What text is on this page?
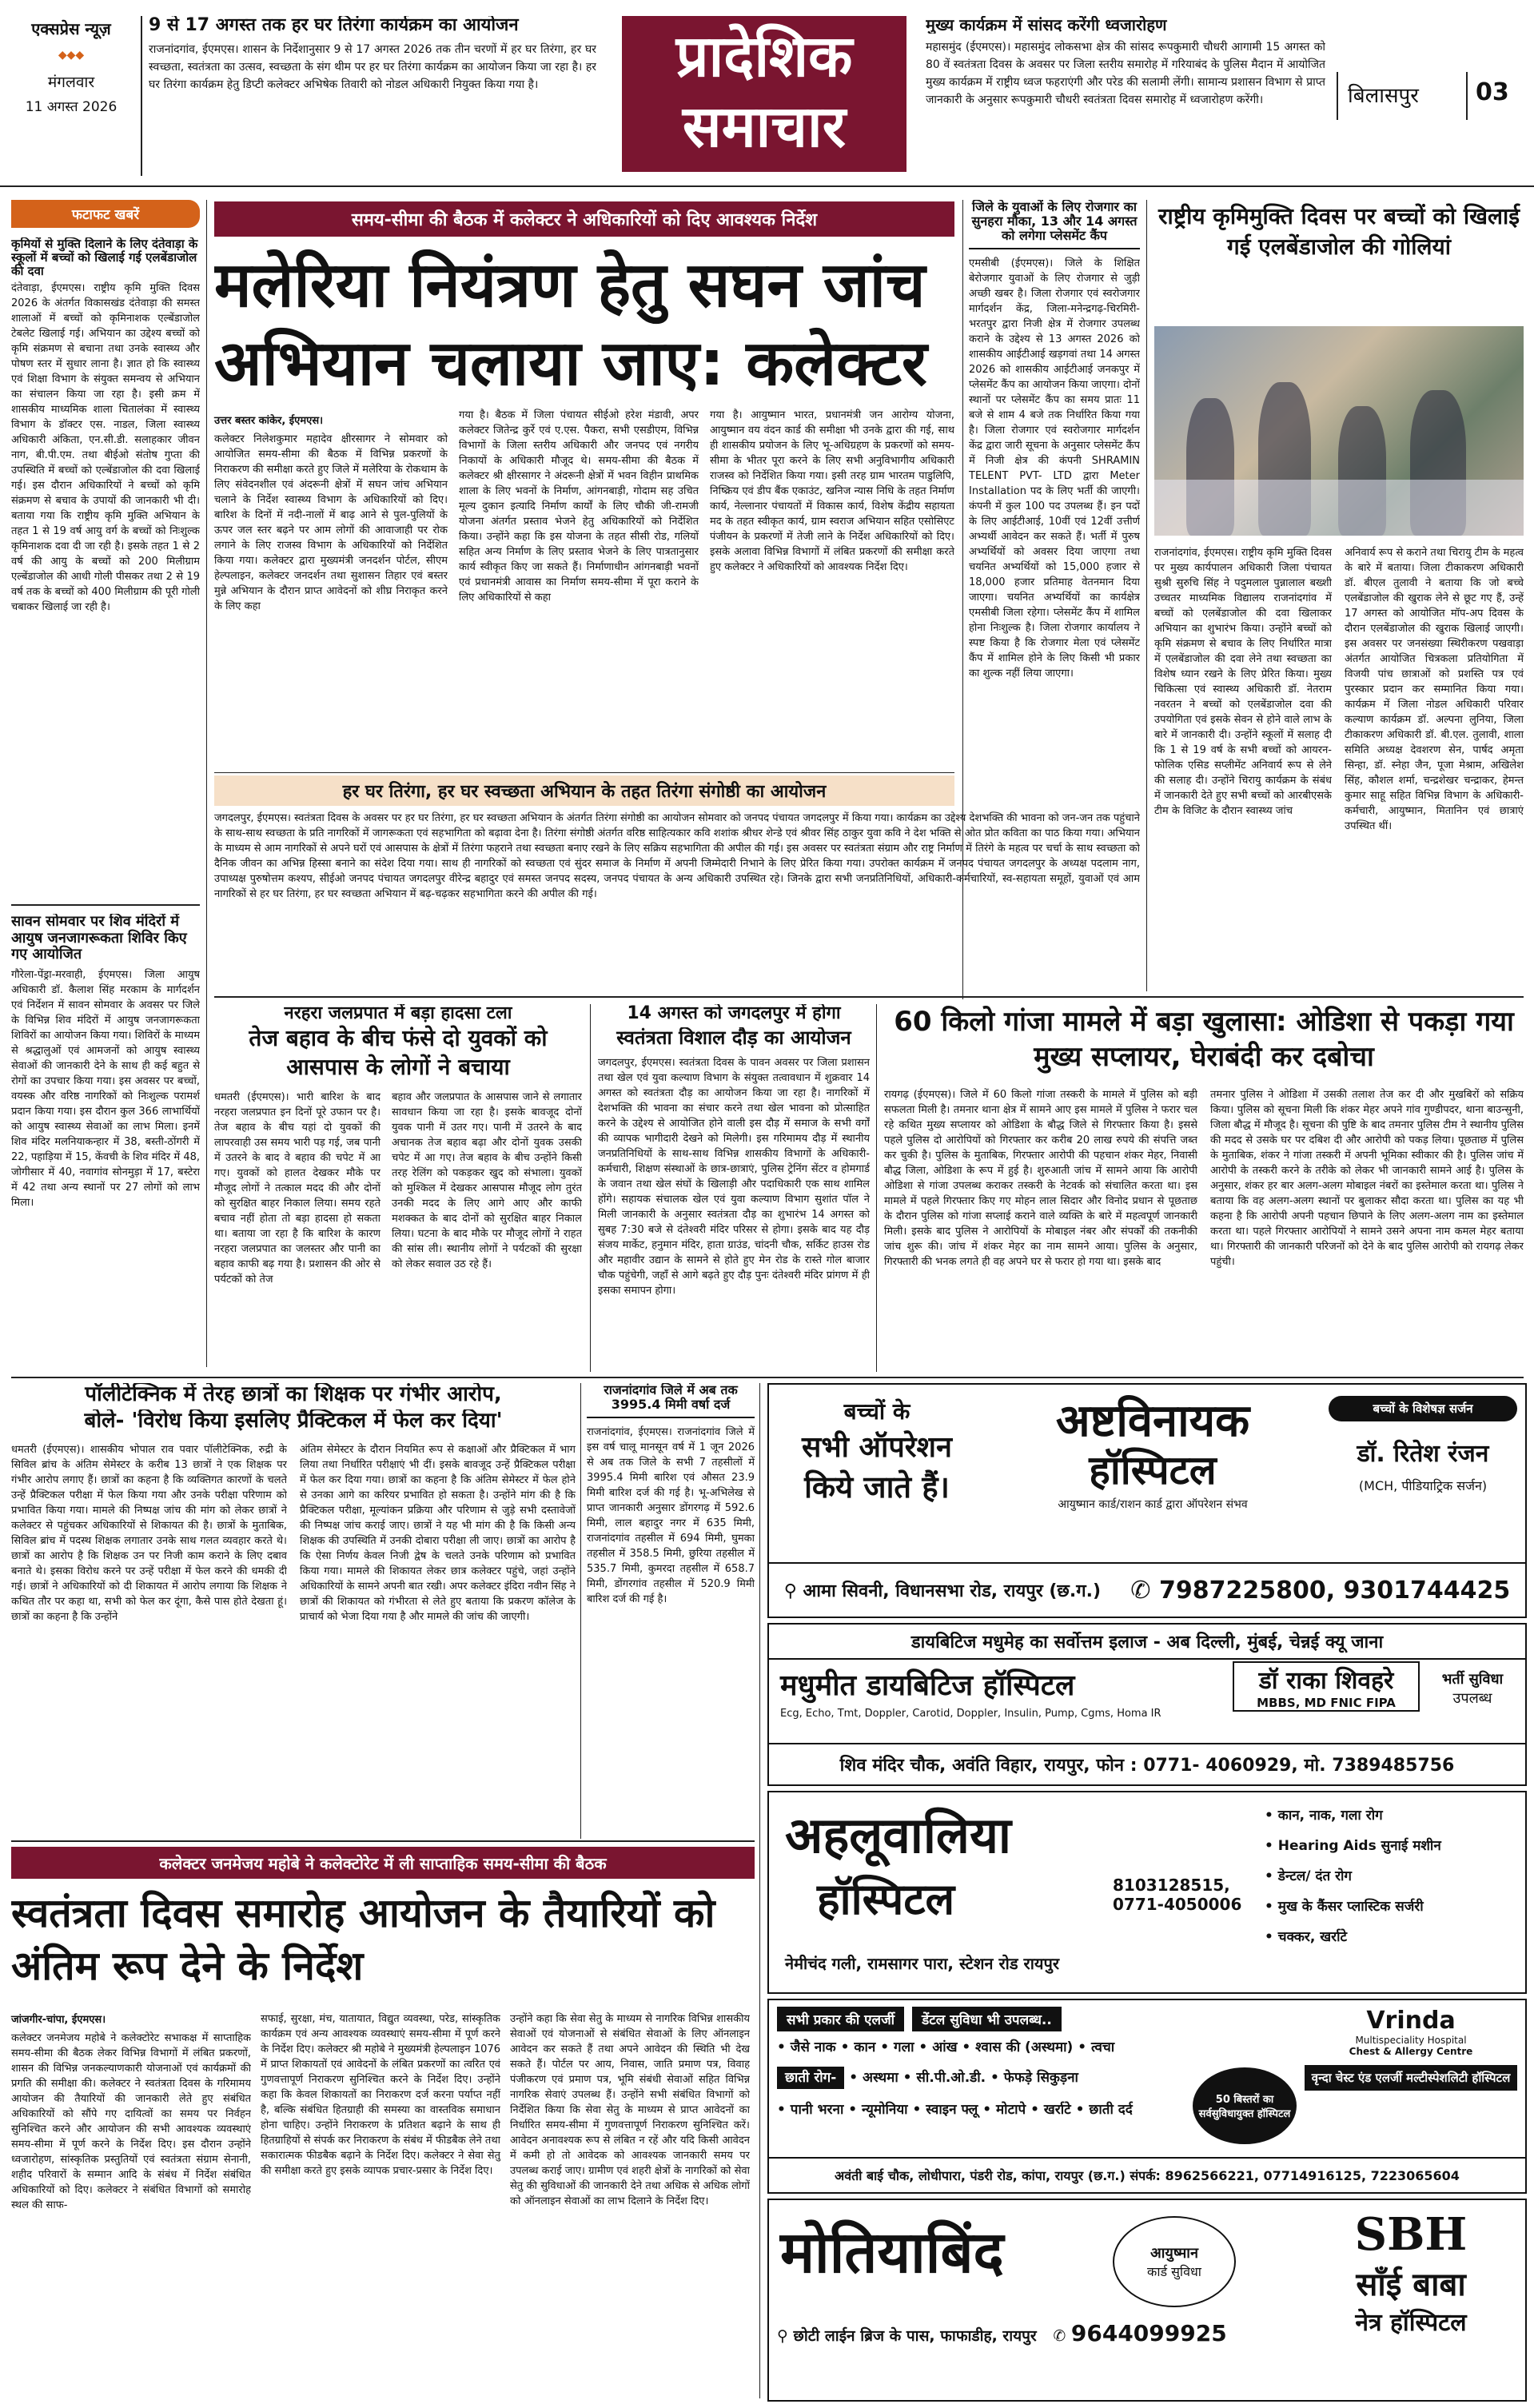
एक्सप्रेस न्यूज़
◆◆◆
मंगलवार
11 अगस्त 2026
9 से 17 अगस्त तक हर घर तिरंगा कार्यक्रम का आयोजन
राजनांदगांव, ईएमएस। शासन के निर्देशानुसार 9 से 17 अगस्त 2026 तक तीन चरणों में हर घर तिरंगा, हर घर स्वच्छता, स्वतंत्रता का उत्सव, स्वच्छता के संग थीम पर हर घर तिरंगा कार्यक्रम का आयोजन किया जा रहा है। हर घर तिरंगा कार्यक्रम हेतु डिप्टी कलेक्टर अभिषेक तिवारी को नोडल अधिकारी नियुक्त किया गया है।	प्रादेशिक
समाचार
मुख्य कार्यक्रम में सांसद करेंगी ध्वजारोहण
महासमुंद (ईएमएस)। महासमुंद लोकसभा क्षेत्र की सांसद रूपकुमारी चौधरी आगामी 15 अगस्त को 80 वें स्वतंत्रता दिवस के अवसर पर जिला स्तरीय समारोह में गरियाबंद के पुलिस मैदान में आयोजित मुख्य कार्यक्रम में राष्ट्रीय ध्वज फहराएंगी और परेड की सलामी लेंगी। सामान्य प्रशासन विभाग से प्राप्त जानकारी के अनुसार रूपकुमारी चौधरी स्वतंत्रता दिवस समारोह में ध्वजारोहण करेंगी।	बिलासपुर 03
फटाफट खबरें
कृमियों से मुक्ति दिलाने के लिए दंतेवाड़ा के स्कूलों में बच्चों को खिलाई गई एलबेंडाजोल की दवा
दंतेवाड़ा, ईएमएस। राष्ट्रीय कृमि मुक्ति दिवस 2026 के अंतर्गत विकासखंड दंतेवाड़ा की समस्त शालाओं में बच्चों को कृमिनाशक एल्बेंडाजोल टेबलेट खिलाई गई। अभियान का उद्देश्य बच्चों को कृमि संक्रमण से बचाना तथा उनके स्वास्थ्य और पोषण स्तर में सुधार लाना है। ज्ञात हो कि स्वास्थ्य एवं शिक्षा विभाग के संयुक्त समन्वय से अभियान का संचालन किया जा रहा है। इसी क्रम में शासकीय माध्यमिक शाला चितालंका में स्वास्थ्य विभाग के डॉक्टर एस. नाडल, जिला स्वास्थ्य अधिकारी अंकिता, एन.सी.डी. सलाहकार जीवन नाग, बी.पी.एम. तथा बीईओ संतोष गुप्ता की उपस्थिति में बच्चों को एल्बेंडाजोल की दवा खिलाई गई। इस दौरान अधिकारियों ने बच्चों को कृमि संक्रमण से बचाव के उपायों की जानकारी भी दी। बताया गया कि राष्ट्रीय कृमि मुक्ति अभियान के तहत 1 से 19 वर्ष आयु वर्ग के बच्चों को निःशुल्क कृमिनाशक दवा दी जा रही है। इसके तहत 1 से 2 वर्ष की आयु के बच्चों को 200 मिलीग्राम एल्बेंडाजोल की आधी गोली पीसकर तथा 2 से 19 वर्ष तक के बच्चों को 400 मिलीग्राम की पूरी गोली चबाकर खिलाई जा रही है।
सावन सोमवार पर शिव मंदिरों में आयुष जनजागरूकता शिविर किए गए आयोजित
गौरेला-पेंड्रा-मरवाही, ईएमएस। जिला आयुष अधिकारी डॉ. कैलाश सिंह मरकाम के मार्गदर्शन एवं निर्देशन में सावन सोमवार के अवसर पर जिले के विभिन्न शिव मंदिरों में आयुष जनजागरूकता शिविरों का आयोजन किया गया। शिविरों के माध्यम से श्रद्धालुओं एवं आमजनों को आयुष स्वास्थ्य सेवाओं की जानकारी देने के साथ ही कई बहुत से रोगों का उपचार किया गया। इस अवसर पर बच्चों, वयस्क और वरिष्ठ नागरिकों को निःशुल्क परामर्श प्रदान किया गया। इस दौरान कुल 366 लाभार्थियों को आयुष स्वास्थ्य सेवाओं का लाभ मिला। इनमें शिव मंदिर मलनियाकन्हार में 38, बस्ती-ठोंगरी में 22, पहाड़िया में 15, केंवची के शिव मंदिर में 48, जोगीसार में 40, नवागांव सोनमुड़ा में 17, बस्टेरा में 42 तथा अन्य स्थानों पर 27 लोगों को लाभ मिला।
समय-सीमा की बैठक में कलेक्टर ने अधिकारियों को दिए आवश्यक निर्देश
मलेरिया नियंत्रण हेतु सघन जांच अभियान चलाया जाए: कलेक्टर
उत्तर बस्तर कांकेर, ईएमएस।
कलेक्टर निलेशकुमार महादेव क्षीरसागर ने सोमवार को आयोजित समय-सीमा की बैठक में विभिन्न प्रकरणों के निराकरण की समीक्षा करते हुए जिले में मलेरिया के रोकथाम के लिए संवेदनशील एवं अंदरूनी क्षेत्रों में सघन जांच अभियान चलाने के निर्देश स्वास्थ्य विभाग के अधिकारियों को दिए। बारिश के दिनों में नदी-नालों में बाढ़ आने से पुल-पुलियों के ऊपर जल स्तर बढ़ने पर आम लोगों की आवाजाही पर रोक लगाने के लिए राजस्व विभाग के अधिकारियों को निर्देशित किया गया। कलेक्टर द्वारा मुख्यमंत्री जनदर्शन पोर्टल, सीएम हेल्पलाइन, कलेक्टर जनदर्शन तथा सुशासन तिहार एवं बस्तर मुन्ने अभियान के दौरान प्राप्त आवेदनों को शीघ्र निराकृत करने के लिए कहा
गया है। बैठक में जिला पंचायत सीईओ हरेश मंडावी, अपर कलेक्टर जितेन्द्र कुर्रे एवं ए.एस. पैकरा, सभी एसडीएम, विभिन्न विभागों के जिला स्तरीय अधिकारी और जनपद एवं नगरीय निकायों के अधिकारी मौजूद थे। समय-सीमा की बैठक में कलेक्टर श्री क्षीरसागर ने अंदरूनी क्षेत्रों में भवन विहीन प्राथमिक शाला के लिए भवनों के निर्माण, आंगनबाड़ी, गोदाम सह उचित मूल्य दुकान इत्यादि निर्माण कार्यों के लिए चौकी जी-रामजी योजना अंतर्गत प्रस्ताव भेजने हेतु अधिकारियों को निर्देशित किया। उन्होंने कहा कि इस योजना के तहत सीसी रोड, गलियों सहित अन्य निर्माण के लिए प्रस्ताव भेजने के लिए पात्रतानुसार कार्य स्वीकृत किए जा सकते हैं। निर्माणाधीन आंगनबाड़ी भवनों एवं प्रधानमंत्री आवास का निर्माण समय-सीमा में पूरा कराने के लिए अधिकारियों से कहा
गया है। आयुष्मान भारत, प्रधानमंत्री जन आरोग्य योजना, आयुष्मान वय वंदन कार्ड की समीक्षा भी उनके द्वारा की गई, साथ ही शासकीय प्रयोजन के लिए भू-अधिग्रहण के प्रकरणों को समय-सीमा के भीतर पूरा करने के लिए सभी अनुविभागीय अधिकारी राजस्व को निर्देशित किया गया। इसी तरह ग्राम भारतम पाडुलिपि, निष्क्रिय एवं डीप बैंक एकाउंट, खनिज न्यास निधि के तहत निर्माण कार्य, नेल्लानार पंचायतों में विकास कार्य, विशेष केंद्रीय सहायता मद के तहत स्वीकृत कार्य, ग्राम स्वराज अभियान सहित एसोसिएट पंजीयन के प्रकरणों में तेजी लाने के निर्देश अधिकारियों को दिए। इसके अलावा विभिन्न विभागों में लंबित प्रकरणों की समीक्षा करते हुए कलेक्टर ने अधिकारियों को आवश्यक निर्देश दिए।
जिले के युवाओं के लिए रोजगार का सुनहरा मौका, 13 और 14 अगस्त को लगेगा प्लेसमेंट कैंप
एमसीबी (ईएमएस)। जिले के शिक्षित बेरोजगार युवाओं के लिए रोजगार से जुड़ी अच्छी खबर है। जिला रोजगार एवं स्वरोजगार मार्गदर्शन केंद्र, जिला-मनेन्द्रगढ़-चिरमिरी-भरतपुर द्वारा निजी क्षेत्र में रोजगार उपलब्ध कराने के उद्देश्य से 13 अगस्त 2026 को शासकीय आईटीआई खड़गवां तथा 14 अगस्त 2026 को शासकीय आईटीआई जनकपुर में प्लेसमेंट कैंप का आयोजन किया जाएगा। दोनों स्थानों पर प्लेसमेंट कैंप का समय प्रातः 11 बजे से शाम 4 बजे तक निर्धारित किया गया है। जिला रोजगार एवं स्वरोजगार मार्गदर्शन केंद्र द्वारा जारी सूचना के अनुसार प्लेसमेंट कैंप में निजी क्षेत्र की कंपनी SHRAMIN TELENT PVT- LTD द्वारा Meter Installation पद के लिए भर्ती की जाएगी। कंपनी में कुल 100 पद उपलब्ध हैं। इन पदों के लिए आईटीआई, 10वीं एवं 12वीं उत्तीर्ण अभ्यर्थी आवेदन कर सकते हैं। भर्ती में पुरुष अभ्यर्थियों को अवसर दिया जाएगा तथा चयनित अभ्यर्थियों को 15,000 हजार से 18,000 हजार प्रतिमाह वेतनमान दिया जाएगा। चयनित अभ्यर्थियों का कार्यक्षेत्र एमसीबी जिला रहेगा। प्लेसमेंट कैंप में शामिल होना निःशुल्क है। जिला रोजगार कार्यालय ने स्पष्ट किया है कि रोजगार मेला एवं प्लेसमेंट कैंप में शामिल होने के लिए किसी भी प्रकार का शुल्क नहीं लिया जाएगा।
राष्ट्रीय कृमिमुक्ति दिवस पर बच्चों को खिलाई गई एलबेंडाजोल की गोलियां
राजनांदगांव, ईएमएस। राष्ट्रीय कृमि मुक्ति दिवस पर मुख्य कार्यपालन अधिकारी जिला पंचायत सुश्री सुरुचि सिंह ने पदुमलाल पुन्नालाल बख्शी उच्चतर माध्यमिक विद्यालय राजनांदगांव में बच्चों को एलबेंडाजोल की दवा खिलाकर अभियान का शुभारंभ किया। उन्होंने बच्चों को कृमि संक्रमण से बचाव के लिए निर्धारित मात्रा में एलबेंडाजोल की दवा लेने तथा स्वच्छता का विशेष ध्यान रखने के लिए प्रेरित किया। मुख्य चिकित्सा एवं स्वास्थ्य अधिकारी डॉ. नेतराम नवरतन ने बच्चों को एलबेंडाजोल दवा की उपयोगिता एवं इसके सेवन से होने वाले लाभ के बारे में जानकारी दी। उन्होंने स्कूलों में सलाह दी कि 1 से 19 वर्ष के सभी बच्चों को आयरन-फोलिक एसिड सप्लीमेंट अनिवार्य रूप से लेने की सलाह दी। उन्होंने चिरायु कार्यक्रम के संबंध में जानकारी देते हुए सभी बच्चों को आरबीएसके टीम के विजिट के दौरान स्वास्थ्य जांच
अनिवार्य रूप से कराने तथा चिरायु टीम के महत्व के बारे में बताया। जिला टीकाकरण अधिकारी डॉ. बीएल तुलावी ने बताया कि जो बच्चे एलबेंडाजोल की खुराक लेने से छूट गए हैं, उन्हें 17 अगस्त को आयोजित मॉप-अप दिवस के दौरान एलबेंडाजोल की खुराक खिलाई जाएगी। इस अवसर पर जनसंख्या स्थिरीकरण पखवाड़ा अंतर्गत आयोजित चित्रकला प्रतियोगिता में विजयी पांच छात्राओं को प्रशस्ति पत्र एवं पुरस्कार प्रदान कर सम्मानित किया गया। कार्यक्रम में जिला नोडल अधिकारी परिवार कल्याण कार्यक्रम डॉ. अल्पना लुनिया, जिला टीकाकरण अधिकारी डॉ. बी.एल. तुलावी, शाला समिति अध्यक्ष देवशरण सेन, पार्षद अमृता सिन्हा, डॉ. स्नेहा जैन, पूजा मेश्राम, अखिलेश सिंह, कौशल शर्मा, चन्द्रशेखर चन्द्राकर, हेमन्त कुमार साहू सहित विभिन्न विभाग के अधिकारी-कर्मचारी, आयुष्मान, मितानिन एवं छात्राएं उपस्थित थीं।
हर घर तिरंगा, हर घर स्वच्छता अभियान के तहत तिरंगा संगोष्ठी का आयोजन
जगदलपुर, ईएमएस। स्वतंत्रता दिवस के अवसर पर हर घर तिरंगा, हर घर स्वच्छता अभियान के अंतर्गत तिरंगा संगोष्ठी का आयोजन सोमवार को जनपद पंचायत जगदलपुर में किया गया। कार्यक्रम का उद्देश्य देशभक्ति की भावना को जन-जन तक पहुंचाने के साथ-साथ स्वच्छता के प्रति नागरिकों में जागरूकता एवं सहभागिता को बढ़ावा देना है। तिरंगा संगोष्ठी अंतर्गत वरिष्ठ साहित्यकार कवि शशांक श्रीधर शेन्डे एवं श्रीवर सिंह ठाकुर युवा कवि ने देश भक्ति से ओत प्रोत कविता का पाठ किया गया। अभियान के माध्यम से आम नागरिकों से अपने घरों एवं आसपास के क्षेत्रों में तिरंगा फहराने तथा स्वच्छता बनाए रखने के लिए सक्रिय सहभागिता की अपील की गई। इस अवसर पर स्वतंत्रता संग्राम और राष्ट्र निर्माण में तिरंगे के महत्व पर चर्चा के साथ स्वच्छता को दैनिक जीवन का अभिन्न हिस्सा बनाने का संदेश दिया गया। साथ ही नागरिकों को स्वच्छता एवं सुंदर समाज के निर्माण में अपनी जिम्मेदारी निभाने के लिए प्रेरित किया गया। उपरोक्त कार्यक्रम में जनपद पंचायत जगदलपुर के अध्यक्ष पदलाम नाग, उपाध्यक्ष पुरुषोत्तम कश्यप, सीईओ जनपद पंचायत जगदलपुर वीरेन्द्र बहादुर एवं समस्त जनपद सदस्य, जनपद पंचायत के अन्य अधिकारी उपस्थित रहे। जिनके द्वारा सभी जनप्रतिनिधियों, अधिकारी-कर्मचारियों, स्व-सहायता समूहों, युवाओं एवं आम नागरिकों से हर घर तिरंगा, हर घर स्वच्छता अभियान में बढ़-चढ़कर सहभागिता करने की अपील की गई।
नरहरा जलप्रपात में बड़ा हादसा टला
तेज बहाव के बीच फंसे दो युवकों को आसपास के लोगों ने बचाया
धमतरी (ईएमएस)। भारी बारिश के बाद नरहरा जलप्रपात इन दिनों पूरे उफान पर है। तेज बहाव के बीच यहां दो युवकों की लापरवाही उस समय भारी पड़ गई, जब पानी में उतरने के बाद वे बहाव की चपेट में आ गए। युवकों को हालत देखकर मौके पर मौजूद लोगों ने तत्काल मदद की और दोनों को सुरक्षित बाहर निकाल लिया। समय रहते बचाव नहीं होता तो बड़ा हादसा हो सकता था। बताया जा रहा है कि बारिश के कारण नरहरा जलप्रपात का जलस्तर और पानी का बहाव काफी बढ़ गया है। प्रशासन की ओर से पर्यटकों को तेज
बहाव और जलप्रपात के आसपास जाने से लगातार सावधान किया जा रहा है। इसके बावजूद दोनों युवक पानी में उतर गए। पानी में उतरने के बाद अचानक तेज बहाव बढ़ा और दोनों युवक उसकी चपेट में आ गए। तेज बहाव के बीच उन्होंने किसी तरह रेलिंग को पकड़कर खुद को संभाला। युवकों को मुश्किल में देखकर आसपास मौजूद लोग तुरंत उनकी मदद के लिए आगे आए और काफी मशक्कत के बाद दोनों को सुरक्षित बाहर निकाल लिया। घटना के बाद मौके पर मौजूद लोगों ने राहत की सांस ली। स्थानीय लोगों ने पर्यटकों की सुरक्षा को लेकर सवाल उठ रहे हैं।
14 अगस्त को जगदलपुर में होगा
स्वतंत्रता विशाल दौड़ का आयोजन
जगदलपुर, ईएमएस। स्वतंत्रता दिवस के पावन अवसर पर जिला प्रशासन तथा खेल एवं युवा कल्याण विभाग के संयुक्त तत्वावधान में शुक्रवार 14 अगस्त को स्वतंत्रता दौड़ का आयोजन किया जा रहा है। नागरिकों में देशभक्ति की भावना का संचार करने तथा खेल भावना को प्रोत्साहित करने के उद्देश्य से आयोजित होने वाली इस दौड़ में समाज के सभी वर्गों की व्यापक भागीदारी देखने को मिलेगी। इस गरिमामय दौड़ में स्थानीय जनप्रतिनिधियों के साथ-साथ विभिन्न शासकीय विभागों के अधिकारी-कर्मचारी, शिक्षण संस्थाओं के छात्र-छात्राएं, पुलिस ट्रेनिंग सेंटर व होमगार्ड के जवान तथा खेल संघों के खिलाड़ी और पदाधिकारी एक साथ शामिल होंगे। सहायक संचालक खेल एवं युवा कल्याण विभाग सुशांत पॉल ने मिली जानकारी के अनुसार स्वतंत्रता दौड़ का शुभारंभ 14 अगस्त को सुबह 7:30 बजे से दंतेश्वरी मंदिर परिसर से होगा। इसके बाद यह दौड़ संजय मार्केट, हनुमान मंदिर, हाता ग्राउंड, चांदनी चौक, सर्किट हाउस रोड और महावीर उद्यान के सामने से होते हुए मेन रोड के रास्ते गोल बाजार चौक पहुंचेगी, जहाँ से आगे बढ़ते हुए दौड़ पुनः दंतेश्वरी मंदिर प्रांगण में ही इसका समापन होगा।
60 किलो गांजा मामले में बड़ा खुलासा: ओडिशा से पकड़ा गया मुख्य सप्लायर, घेराबंदी कर दबोचा
रायगढ़ (ईएमएस)। जिले में 60 किलो गांजा तस्करी के मामले में पुलिस को बड़ी सफलता मिली है। तमनार थाना क्षेत्र में सामने आए इस मामले में पुलिस ने फरार चल रहे कथित मुख्य सप्लायर को ओडिशा के बौद्ध जिले से गिरफ्तार किया है। इससे पहले पुलिस दो आरोपियों को गिरफ्तार कर करीब 20 लाख रुपये की संपत्ति जब्त कर चुकी है। पुलिस के मुताबिक, गिरफ्तार आरोपी की पहचान शंकर मेहर, निवासी बौद्ध जिला, ओडिशा के रूप में हुई है। शुरुआती जांच में सामने आया कि आरोपी ओडिशा से गांजा उपलब्ध कराकर तस्करी के नेटवर्क को संचालित करता था। इस मामले में पहले गिरफ्तार किए गए मोहन लाल सिदार और विनोद प्रधान से पूछताछ के दौरान पुलिस को गांजा सप्लाई कराने वाले व्यक्ति के बारे में महत्वपूर्ण जानकारी मिली। इसके बाद पुलिस ने आरोपियों के मोबाइल नंबर और संपर्कों की तकनीकी जांच शुरू की। जांच में शंकर मेहर का नाम सामने आया। पुलिस के अनुसार, गिरफ्तारी की भनक लगते ही वह अपने घर से फरार हो गया था। इसके बाद
तमनार पुलिस ने ओडिशा में उसकी तलाश तेज कर दी और मुखबिरों को सक्रिय किया। पुलिस को सूचना मिली कि शंकर मेहर अपने गांव गुण्डीपदर, थाना बाउन्सुनी, जिला बौद्ध में मौजूद है। सूचना की पुष्टि के बाद तमनार पुलिस टीम ने स्थानीय पुलिस की मदद से उसके घर पर दबिश दी और आरोपी को पकड़ लिया। पूछताछ में पुलिस के मुताबिक, शंकर ने गांजा तस्करी में अपनी भूमिका स्वीकार की है। पुलिस जांच में आरोपी के तस्करी करने के तरीके को लेकर भी जानकारी सामने आई है। पुलिस के अनुसार, शंकर हर बार अलग-अलग मोबाइल नंबरों का इस्तेमाल करता था। पुलिस ने बताया कि वह अलग-अलग स्थानों पर बुलाकर सौदा करता था। पुलिस का यह भी कहना है कि आरोपी अपनी पहचान छिपाने के लिए अलग-अलग नाम का इस्तेमाल करता था। पहले गिरफ्तार आरोपियों ने सामने उसने अपना नाम कमल मेहर बताया था। गिरफ्तारी की जानकारी परिजनों को देने के बाद पुलिस आरोपी को रायगढ़ लेकर पहुंची।
पॉलीटेक्निक में तेरह छात्रों का शिक्षक पर गंभीर आरोप,
बोले- 'विरोध किया इसलिए प्रैक्टिकल में फेल कर दिया'
धमतरी (ईएमएस)। शासकीय भोपाल राव पवार पॉलीटेक्निक, रुद्री के सिविल ब्रांच के अंतिम सेमेस्टर के करीब 13 छात्रों ने एक शिक्षक पर गंभीर आरोप लगाए हैं। छात्रों का कहना है कि व्यक्तिगत कारणों के चलते उन्हें प्रैक्टिकल परीक्षा में फेल किया गया और उनके परीक्षा परिणाम को प्रभावित किया गया। मामले की निष्पक्ष जांच की मांग को लेकर छात्रों ने कलेक्टर से पहुंचकर अधिकारियों से शिकायत की है। छात्रों के मुताबिक, सिविल ब्रांच में पदस्थ शिक्षक लगातार उनके साथ गलत व्यवहार करते थे। छात्रों का आरोप है कि शिक्षक उन पर निजी काम कराने के लिए दबाव बनाते थे। इसका विरोध करने पर उन्हें परीक्षा में फेल करने की धमकी दी गई। छात्रों ने अधिकारियों को दी शिकायत में आरोप लगाया कि शिक्षक ने कथित तौर पर कहा था, सभी को फेल कर दूंगा, कैसे पास होते देखता हूं। छात्रों का कहना है कि उन्होंने
अंतिम सेमेस्टर के दौरान नियमित रूप से कक्षाओं और प्रैक्टिकल में भाग लिया तथा निर्धारित परीक्षाएं भी दीं। इसके बावजूद उन्हें प्रैक्टिकल परीक्षा में फेल कर दिया गया। छात्रों का कहना है कि अंतिम सेमेस्टर में फेल होने से उनका आगे का करियर प्रभावित हो सकता है। उन्होंने मांग की है कि प्रैक्टिकल परीक्षा, मूल्यांकन प्रक्रिया और परिणाम से जुड़े सभी दस्तावेजों की निष्पक्ष जांच कराई जाए। छात्रों ने यह भी मांग की है कि किसी अन्य शिक्षक की उपस्थिति में उनकी दोबारा परीक्षा ली जाए। छात्रों का आरोप है कि ऐसा निर्णय केवल निजी द्वेष के चलते उनके परिणाम को प्रभावित किया गया। मामले की शिकायत लेकर छात्र कलेक्टर पहुंचे, जहां उन्होंने अधिकारियों के सामने अपनी बात रखी। अपर कलेक्टर इंदिरा नवीन सिंह ने छात्रों की शिकायत को गंभीरता से लेते हुए बताया कि प्रकरण कॉलेज के प्राचार्य को भेजा दिया गया है और मामले की जांच की जाएगी।
राजनांदगांव जिले में अब तक 3995.4 मिमी वर्षा दर्ज
राजनांदगांव, ईएमएस। राजनांदगांव जिले में इस वर्ष चालू मानसून वर्ष में 1 जून 2026 से अब तक जिले के सभी 7 तहसीलों में 3995.4 मिमी बारिश एवं औसत 23.9 मिमी बारिश दर्ज की गई है। भू-अभिलेख से प्राप्त जानकारी अनुसार डोंगरगढ़ में 592.6 मिमी, लाल बहादुर नगर में 635 मिमी, राजनांदगांव तहसील में 694 मिमी, घुमका तहसील में 358.5 मिमी, छुरिया तहसील में 535.7 मिमी, कुमरदा तहसील में 658.7 मिमी, डोंगरगांव तहसील में 520.9 मिमी बारिश दर्ज की गई है।
कलेक्टर जनमेजय महोबे ने कलेक्टोरेट में ली साप्ताहिक समय-सीमा की बैठक
स्वतंत्रता दिवस समारोह आयोजन के तैयारियों को अंतिम रूप देने के निर्देश
जांजगीर-चांपा, ईएमएस।
कलेक्टर जनमेजय महोबे ने कलेक्टोरेट सभाकक्ष में साप्ताहिक समय-सीमा की बैठक लेकर विभिन्न विभागों में लंबित प्रकरणों, शासन की विभिन्न जनकल्याणकारी योजनाओं एवं कार्यक्रमों की प्रगति की समीक्षा की। कलेक्टर ने स्वतंत्रता दिवस के गरिमामय आयोजन की तैयारियों की जानकारी लेते हुए संबंधित अधिकारियों को सौंपे गए दायित्वों का समय पर निर्वहन सुनिश्चित करने और आयोजन की सभी आवश्यक व्यवस्थाएं समय-सीमा में पूर्ण करने के निर्देश दिए। इस दौरान उन्होंने ध्वजारोहण, सांस्कृतिक प्रस्तुतियों एवं स्वतंत्रता संग्राम सेनानी, शहीद परिवारों के सम्मान आदि के संबंध में निर्देश संबंधित अधिकारियों को दिए। कलेक्टर ने संबंधित विभागों को समारोह स्थल की साफ-
सफाई, सुरक्षा, मंच, यातायात, विद्युत व्यवस्था, परेड, सांस्कृतिक कार्यक्रम एवं अन्य आवश्यक व्यवस्थाएं समय-सीमा में पूर्ण करने के निर्देश दिए। कलेक्टर श्री महोबे ने मुख्यमंत्री हेल्पलाइन 1076 में प्राप्त शिकायतों एवं आवेदनों के लंबित प्रकरणों का त्वरित एवं गुणवत्तापूर्ण निराकरण सुनिश्चित करने के निर्देश दिए। उन्होंने कहा कि केवल शिकायतों का निराकरण दर्ज करना पर्याप्त नहीं है, बल्कि संबंधित हितग्राही की समस्या का वास्तविक समाधान होना चाहिए। उन्होंने निराकरण के प्रतिशत बढ़ाने के साथ ही हितग्राहियों से संपर्क कर निराकरण के संबंध में फीडबैक लेने तथा सकारात्मक फीडबैक बढ़ाने के निर्देश दिए। कलेक्टर ने सेवा सेतु की समीक्षा करते हुए इसके व्यापक प्रचार-प्रसार के निर्देश दिए।
उन्होंने कहा कि सेवा सेतु के माध्यम से नागरिक विभिन्न शासकीय सेवाओं एवं योजनाओं से संबंधित सेवाओं के लिए ऑनलाइन आवेदन कर सकते हैं तथा अपने आवेदन की स्थिति भी देख सकते हैं। पोर्टल पर आय, निवास, जाति प्रमाण पत्र, विवाह पंजीकरण एवं प्रमाण पत्र, भूमि संबंधी सेवाओं सहित विभिन्न नागरिक सेवाएं उपलब्ध हैं। उन्होंने सभी संबंधित विभागों को निर्देशित किया कि सेवा सेतु के माध्यम से प्राप्त आवेदनों का निर्धारित समय-सीमा में गुणवत्तापूर्ण निराकरण सुनिश्चित करें। आवेदन अनावश्यक रूप से लंबित न रहें और यदि किसी आवेदन में कमी हो तो आवेदक को आवश्यक जानकारी समय पर उपलब्ध कराई जाए। ग्रामीण एवं शहरी क्षेत्रों के नागरिकों को सेवा सेतु की सुविधाओं की जानकारी देने तथा अधिक से अधिक लोगों को ऑनलाइन सेवाओं का लाभ दिलाने के निर्देश दिए।
बच्चों के
सभी ऑपरेशन
किये जाते हैं।
अष्टविनायक
हॉस्पिटल
आयुष्मान कार्ड/राशन कार्ड द्वारा ऑपरेशन संभव
बच्चों के विशेषज्ञ सर्जन
डॉ. रितेश रंजन
(MCH, पीडियाट्रिक सर्जन)
⚲ आमा सिवनी, विधानसभा रोड, रायपुर (छ.ग.) ✆ 7987225800, 9301744425
डायबिटिज मधुमेह का सर्वोत्तम इलाज - अब दिल्ली, मुंबई, चेन्नई क्यू जाना
मधुमीत डायबिटिज हॉस्पिटल
Ecg, Echo, Tmt, Doppler, Carotid, Doppler, Insulin, Pump, Cgms, Homa IR
डॉ राका शिवहरे
MBBS, MD FNIC FIPA
भर्ती सुविधा
उपलब्ध
शिव मंदिर चौक, अवंति विहार, रायपुर, फोन : 0771- 4060929, मो. 7389485756
अहलूवालिया
हॉस्पिटल	8103128515,
0771-4050006
• कान, नाक, गला रोग
• Hearing Aids सुनाई मशीन
• डेन्टल/ दंत रोग
• मुख के कैंसर प्लास्टिक सर्जरी
• चक्कर, खर्राटे
नेमीचंद गली, रामसागर पारा, स्टेशन रोड रायपुर
सभी प्रकार की एलर्जी	डेंटल सुविधा भी उपलब्ध..
• जैसे नाक • कान • गला • आंख • श्वास की (अस्थमा) • त्वचा
छाती रोग- • अस्थमा • सी.पी.ओ.डी. • फेफड़े सिकुड़ना
• पानी भरना • न्यूमोनिया • स्वाइन फ्लू • मोटापे • खर्राटे • छाती दर्द
50 बिस्तरों का सर्वसुविधायुक्त हॉस्पिटल
Vrinda
Multispeciality Hospital
Chest & Allergy Centre
वृन्दा चेस्ट एंड एलर्जी मल्टीस्पेशलिटी हॉस्पिटल
अवंती बाई चौक, लोधीपारा, पंडरी रोड, कांपा, रायपुर (छ.ग.) संपर्क: 8962566221, 07714916125, 7223065604
मोतियाबिंद	आयुष्मान
कार्ड सुविधा
⚲ छोटी लाईन ब्रिज के पास, फाफाडीह, रायपुर ✆ 9644099925
SBH
साँई बाबा
नेत्र हॉस्पिटल
